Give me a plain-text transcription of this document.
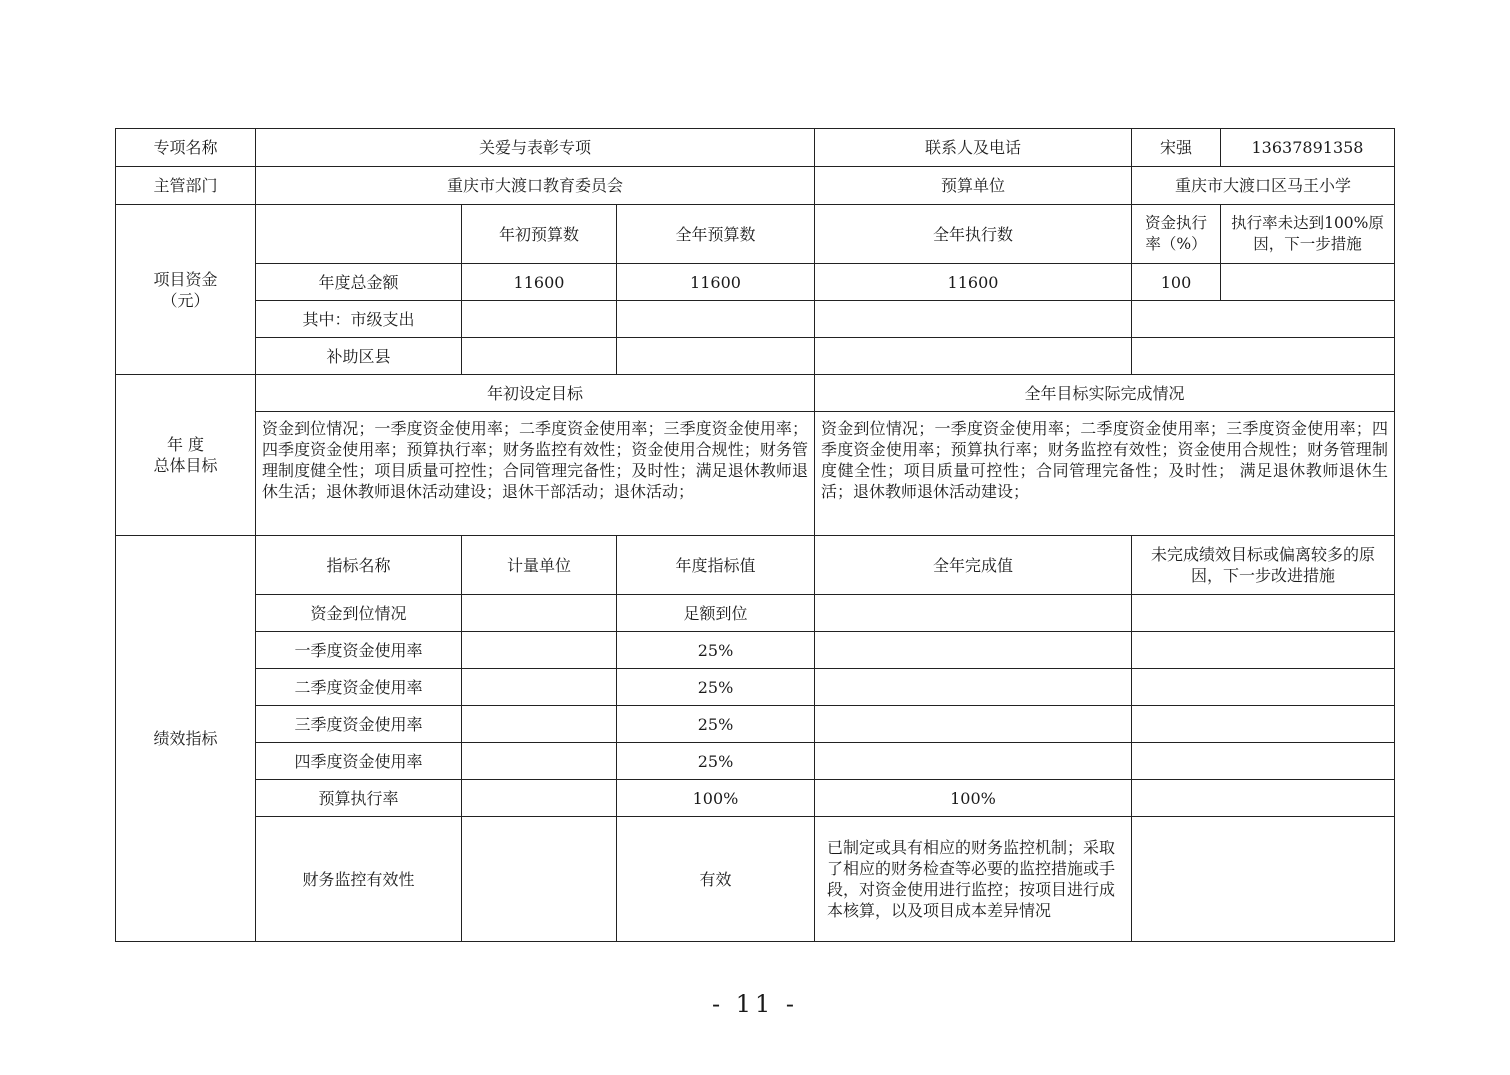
专项名称	关爱与表彰专项			联系人及电话	宋强	13637891358
主管部门	重庆市大渡口教育委员会			预算单位	重庆市大渡口区马王小学	
项目资金
（元）		年初预算数	全年预算数	全年执行数	资金执行率（%）	执行率未达到100%原因，下一步措施
	年度总金额	11600	11600	11600	100	
	其中：市级支出					
	补助区县					
年 度
总体目标	年初设定目标			全年目标实际完成情况		
	资金到位情况；一季度资金使用率；二季度资金使用率；三季度资金使用率；四季度资金使用率；预算执行率；财务监控有效性；资金使用合规性；财务管理制度健全性；项目质量可控性；合同管理完备性；及时性；满足退休教师退休生活；退休教师退休活动建设；退休干部活动；退休活动；			资金到位情况；一季度资金使用率；二季度资金使用率；三季度资金使用率；四季度资金使用率；预算执行率；财务监控有效性；资金使用合规性；财务管理制度健全性；项目质量可控性；合同管理完备性；及时性； 满足退休教师退休生活；退休教师退休活动建设；		
绩效指标	指标名称	计量单位	年度指标值	全年完成值	未完成绩效目标或偏离较多的原因，下一步改进措施	
	资金到位情况		足额到位			
	一季度资金使用率		25%			
	二季度资金使用率		25%			
	三季度资金使用率		25%			
	四季度资金使用率		25%			
	预算执行率		100%	100%		
	财务监控有效性		有效	已制定或具有相应的财务监控机制；采取了相应的财务检查等必要的监控措施或手段，对资金使用进行监控；按项目进行成本核算，以及项目成本差异情况		
- 11 -
